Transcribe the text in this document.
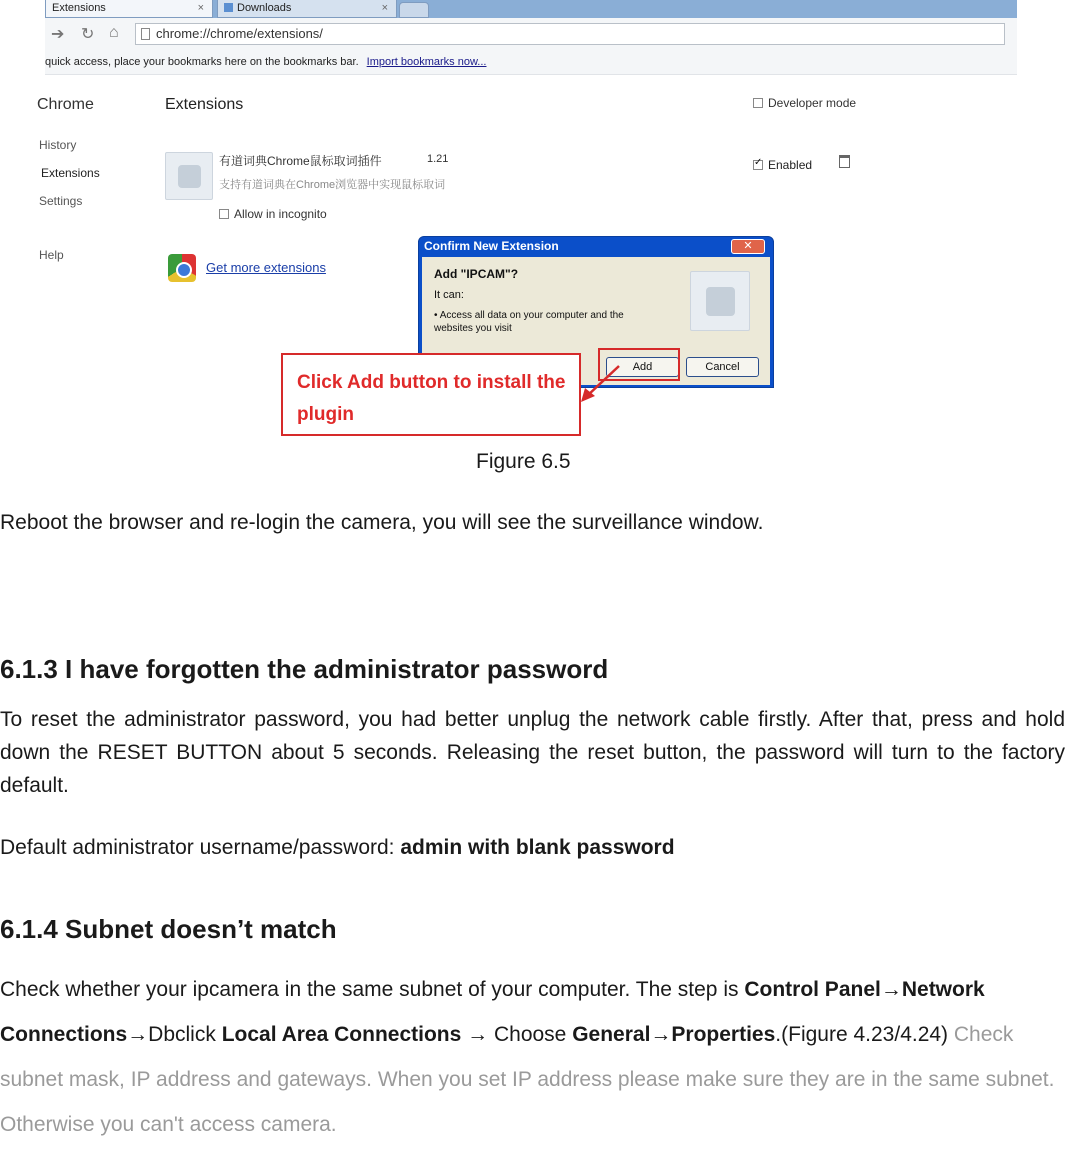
Extensions	×	Downloads	×
➔ ↻ ⌂	chrome://chrome/extensions/
quick access, place your bookmarks here on the bookmarks bar. Import bookmarks now...
Chrome
History
Extensions
Settings
Help
Extensions	Developer mode
有道词典Chrome鼠标取词插件	1.21
支持有道词典在Chrome浏览器中实现鼠标取词
Allow in incognito
✓Enabled
Get more extensions
Confirm New Extension	✕
Add "IPCAM"?
It can:
• Access all data on your computer and the websites you visit
Add	Cancel
Click Add button to install the plugin
Figure 6.5
Reboot the browser and re-login the camera, you will see the surveillance window.
6.1.3 I have forgotten the administrator password
To reset the administrator password, you had better unplug the network cable firstly. After that, press and hold down the RESET BUTTON about 5 seconds. Releasing the reset button, the password will turn to the factory default.
Default administrator username/password: admin with blank password
6.1.4 Subnet doesn’t match
Check whether your ipcamera in the same subnet of your computer. The step is Control Panel→Network Connections→Dbclick Local Area Connections → Choose General→Properties.(Figure 4.23/4.24) Check subnet mask, IP address and gateways. When you set IP address please make sure they are in the same subnet. Otherwise you can't access camera.
